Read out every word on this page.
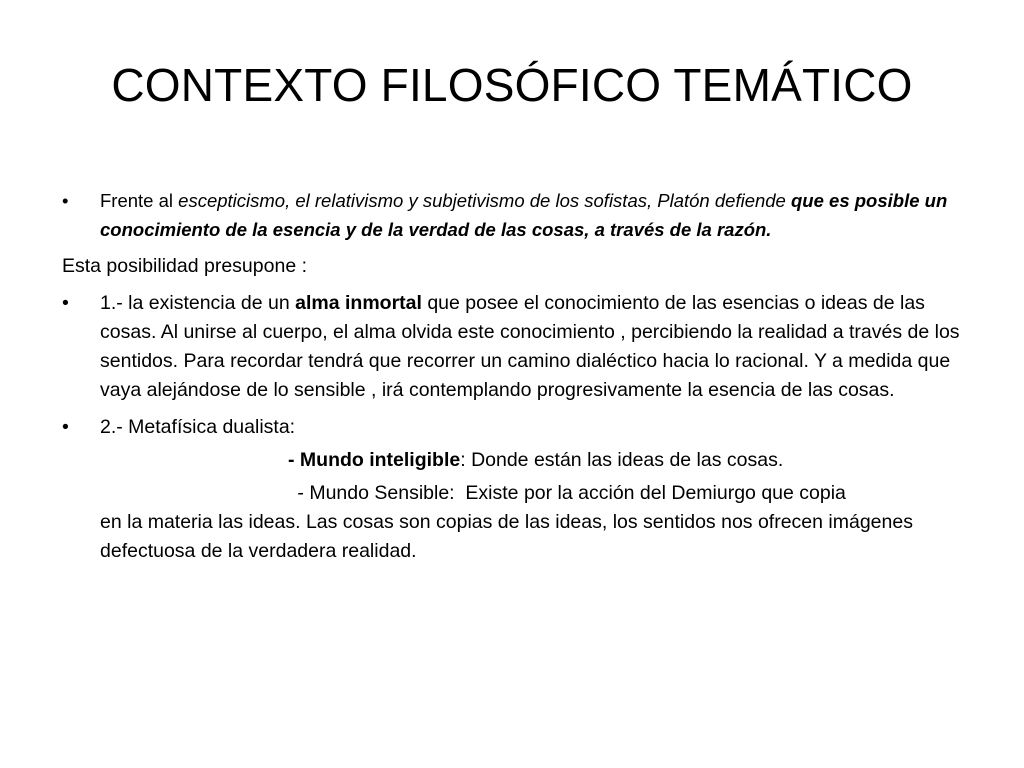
CONTEXTO FILOSÓFICO TEMÁTICO
•	Frente al escepticismo, el relativismo y subjetivismo de los sofistas, Platón defiende que es posible un conocimiento de la esencia y de la verdad de las cosas, a través de la razón.
Esta posibilidad presupone :
•	1.- la existencia de un alma inmortal que posee el conocimiento de las esencias o ideas de las cosas. Al unirse al cuerpo, el alma olvida este conocimiento , percibiendo la realidad a través de los sentidos. Para recordar tendrá que recorrer un camino dialéctico hacia lo racional. Y a medida que vaya alejándose de lo sensible , irá contemplando progresivamente la esencia de las cosas.
•	2.- Metafísica dualista:
- Mundo inteligible: Donde están las ideas de las cosas.
- Mundo Sensible:  Existe por la acción del Demiurgo que copia
en la materia las ideas. Las cosas son copias de las ideas, los sentidos nos ofrecen imágenes defectuosa de la verdadera realidad.
